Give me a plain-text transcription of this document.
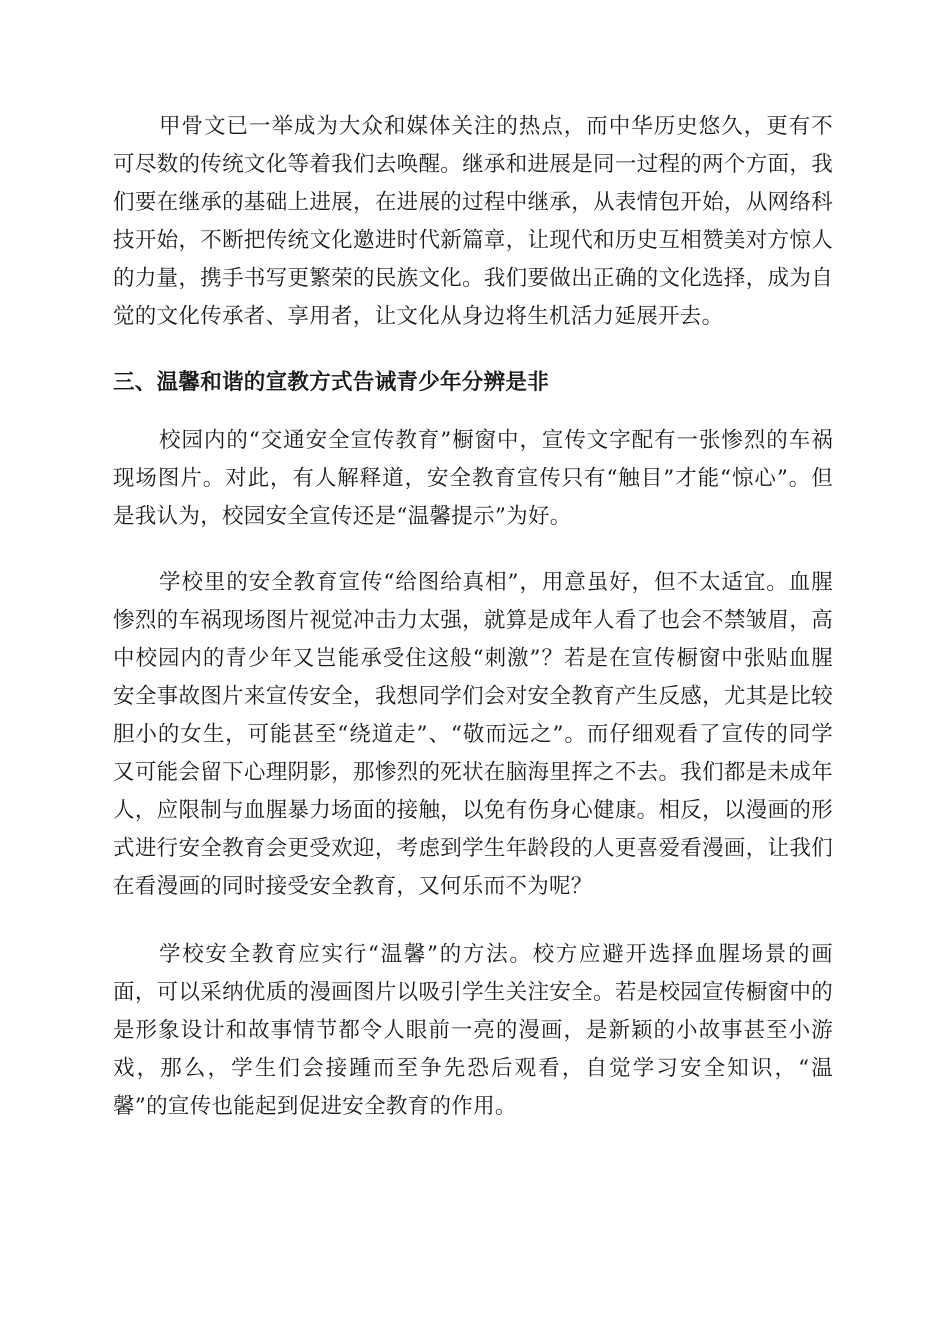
甲骨文已一举成为大众和媒体关注的热点，而中华历史悠久，更有不可尽数的传统文化等着我们去唤醒。继承和进展是同一过程的两个方面，我们要在继承的基础上进展，在进展的过程中继承，从表情包开始，从网络科技开始，不断把传统文化邀进时代新篇章，让现代和历史互相赞美对方惊人的力量，携手书写更繁荣的民族文化。我们要做出正确的文化选择，成为自觉的文化传承者、享用者，让文化从身边将生机活力延展开去。

三、温馨和谐的宣教方式告诫青少年分辨是非

校园内的“交通安全宣传教育”橱窗中，宣传文字配有一张惨烈的车祸现场图片。对此，有人解释道，安全教育宣传只有“触目”才能“惊心”。但是我认为，校园安全宣传还是“温馨提示”为好。

学校里的安全教育宣传“给图给真相”，用意虽好，但不太适宜。血腥惨烈的车祸现场图片视觉冲击力太强，就算是成年人看了也会不禁皱眉，高中校园内的青少年又岂能承受住这般“刺激”？若是在宣传橱窗中张贴血腥安全事故图片来宣传安全，我想同学们会对安全教育产生反感，尤其是比较胆小的女生，可能甚至“绕道走”、“敬而远之”。而仔细观看了宣传的同学又可能会留下心理阴影，那惨烈的死状在脑海里挥之不去。我们都是未成年人，应限制与血腥暴力场面的接触，以免有伤身心健康。相反，以漫画的形式进行安全教育会更受欢迎，考虑到学生年龄段的人更喜爱看漫画，让我们在看漫画的同时接受安全教育，又何乐而不为呢？

学校安全教育应实行“温馨”的方法。校方应避开选择血腥场景的画面，可以采纳优质的漫画图片以吸引学生关注安全。若是校园宣传橱窗中的是形象设计和故事情节都令人眼前一亮的漫画，是新颖的小故事甚至小游戏，那么，学生们会接踵而至争先恐后观看，自觉学习安全知识，“温馨”的宣传也能起到促进安全教育的作用。
